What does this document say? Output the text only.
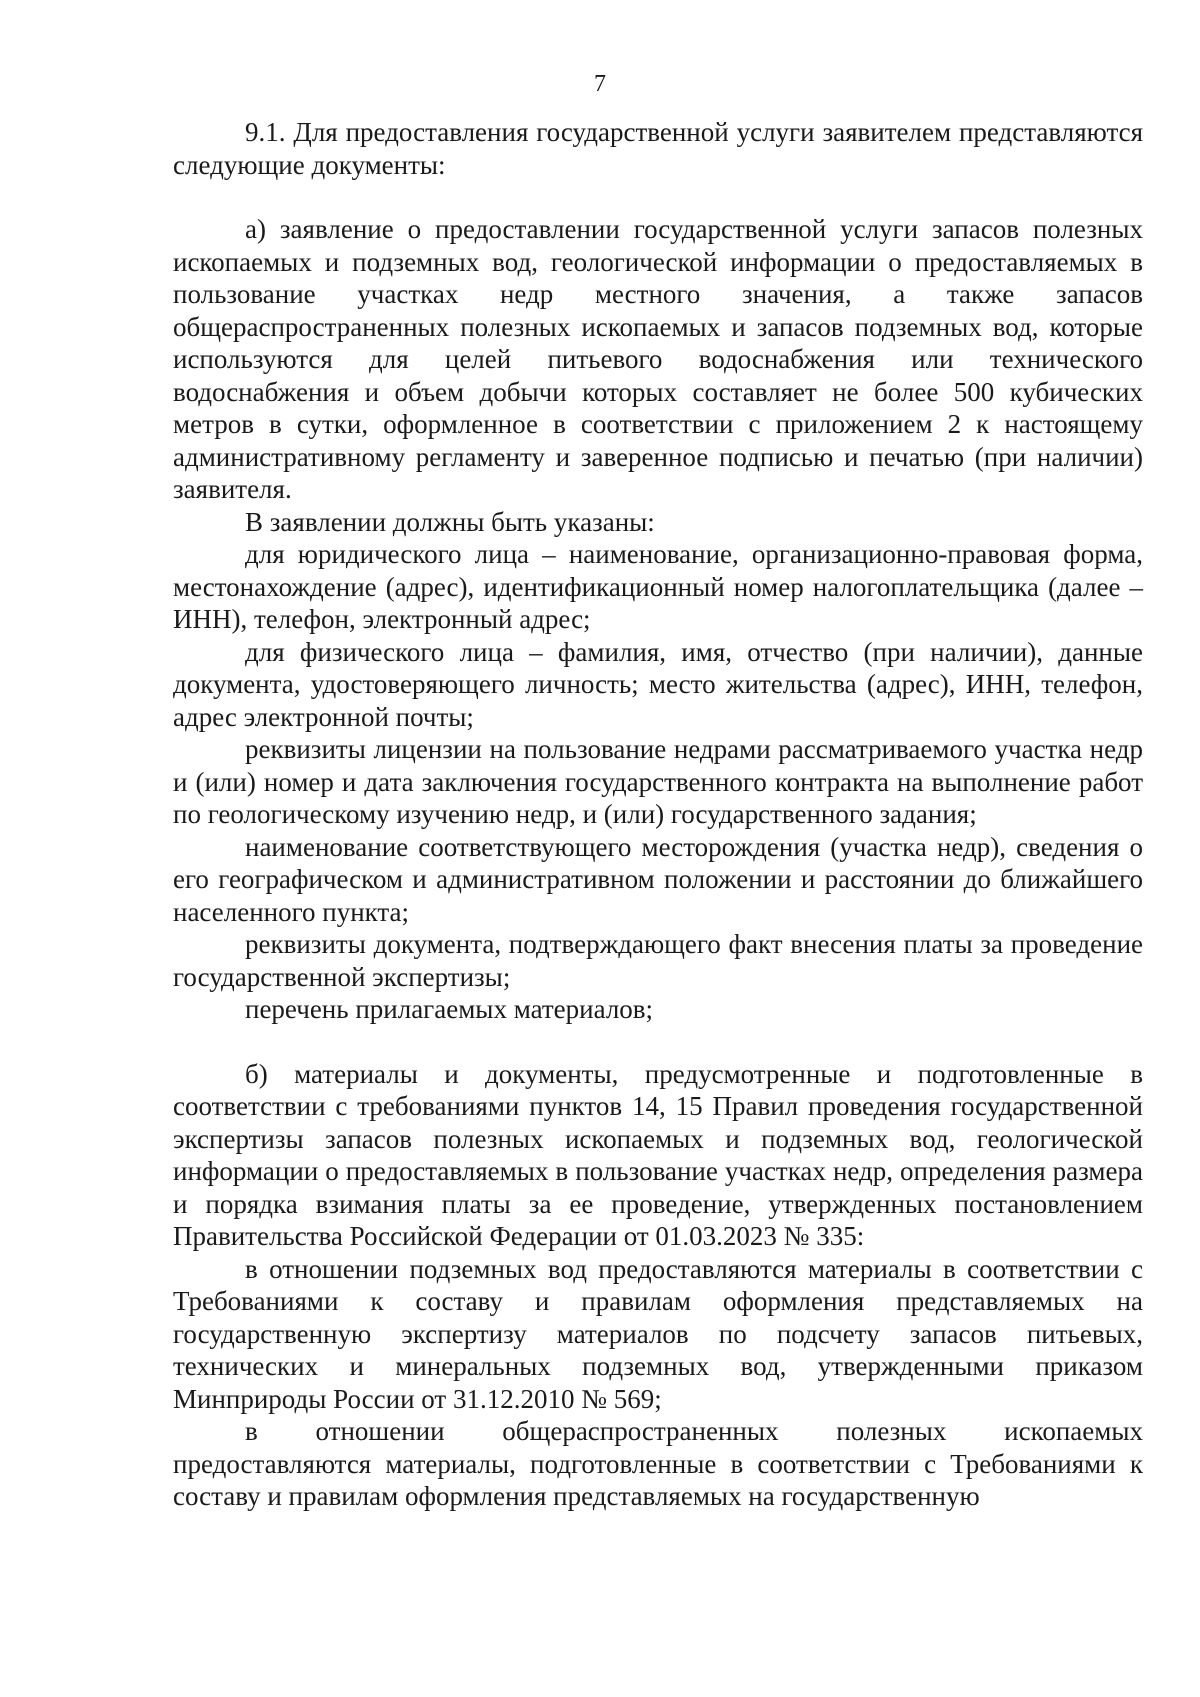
7

9.1. Для предоставления государственной услуги заявителем представляются следующие документы:

а) заявление о предоставлении государственной услуги запасов полезных ископаемых и подземных вод, геологической информации о предоставляемых в пользование участках недр местного значения, а также запасов общераспространенных полезных ископаемых и запасов подземных вод, которые используются для целей питьевого водоснабжения или технического водоснабжения и объем добычи которых составляет не более 500 кубических метров в сутки, оформленное в соответствии с приложением 2 к настоящему административному регламенту и заверенное подписью и печатью (при наличии) заявителя.

В заявлении должны быть указаны:

для юридического лица – наименование, организационно-правовая форма, местонахождение (адрес), идентификационный номер налогоплательщика (далее – ИНН), телефон, электронный адрес;

для физического лица – фамилия, имя, отчество (при наличии), данные документа, удостоверяющего личность; место жительства (адрес), ИНН, телефон, адрес электронной почты;

реквизиты лицензии на пользование недрами рассматриваемого участка недр и (или) номер и дата заключения государственного контракта на выполнение работ по геологическому изучению недр, и (или) государственного задания;

наименование соответствующего месторождения (участка недр), сведения о его географическом и административном положении и расстоянии до ближайшего населенного пункта;

реквизиты документа, подтверждающего факт внесения платы за проведение государственной экспертизы;

перечень прилагаемых материалов;

б) материалы и документы, предусмотренные и подготовленные в соответствии с требованиями пунктов 14, 15 Правил проведения государственной экспертизы запасов полезных ископаемых и подземных вод, геологической информации о предоставляемых в пользование участках недр, определения размера и порядка взимания платы за ее проведение, утвержденных постановлением Правительства Российской Федерации от 01.03.2023 № 335:

в отношении подземных вод предоставляются материалы в соответствии с Требованиями к составу и правилам оформления представляемых на государственную экспертизу материалов по подсчету запасов питьевых, технических и минеральных подземных вод, утвержденными приказом Минприроды России от 31.12.2010 № 569;

в отношении общераспространенных полезных ископаемых предоставляются материалы, подготовленные в соответствии с Требованиями к составу и правилам оформления представляемых на государственную
